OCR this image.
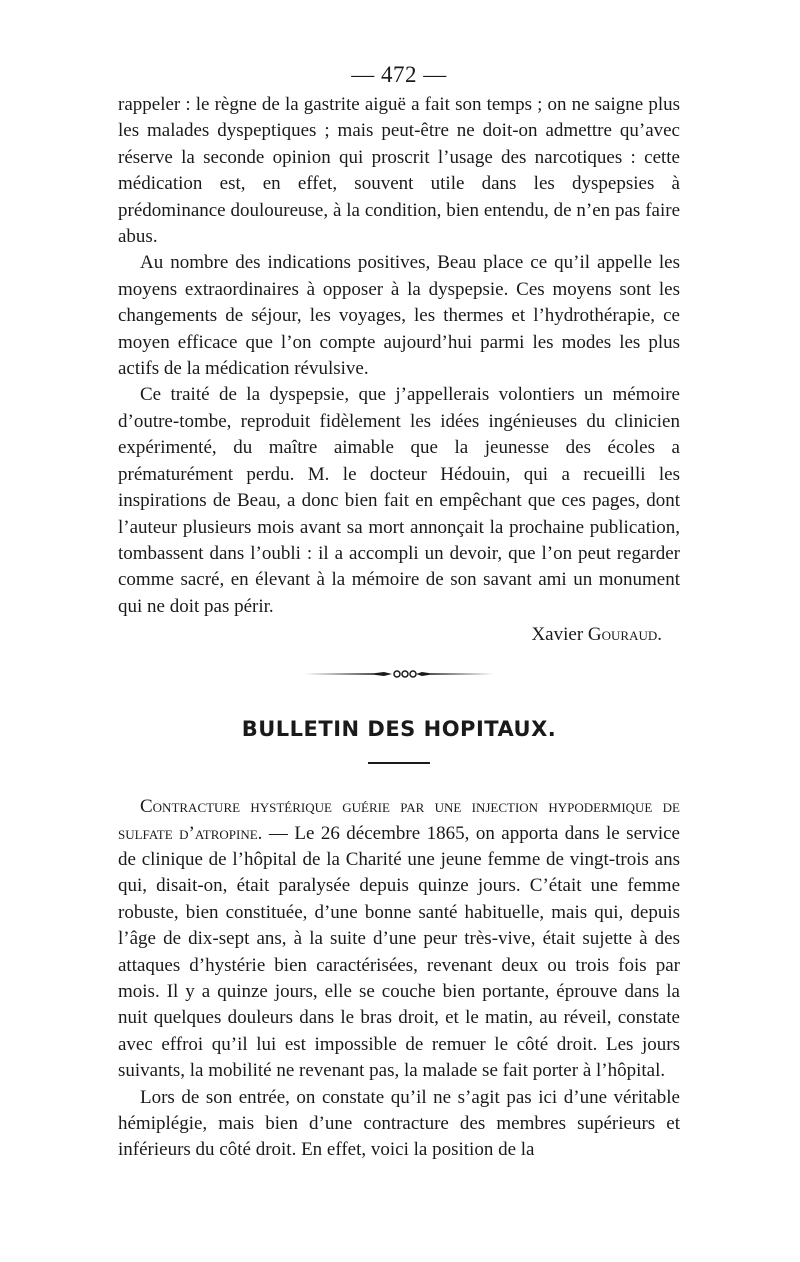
— 472 —

rappeler : le règne de la gastrite aiguë a fait son temps ; on ne saigne plus les malades dyspeptiques ; mais peut-être ne doit-on admettre qu’avec réserve la seconde opinion qui proscrit l’usage des narcotiques : cette médication est, en effet, souvent utile dans les dyspepsies à prédominance douloureuse, à la condition, bien entendu, de n’en pas faire abus.

Au nombre des indications positives, Beau place ce qu’il appelle les moyens extraordinaires à opposer à la dyspepsie. Ces moyens sont les changements de séjour, les voyages, les thermes et l’hydrothérapie, ce moyen efficace que l’on compte aujourd’hui parmi les modes les plus actifs de la médication révulsive.

Ce traité de la dyspepsie, que j’appellerais volontiers un mémoire d’outre-tombe, reproduit fidèlement les idées ingénieuses du clinicien expérimenté, du maître aimable que la jeunesse des écoles a prématurément perdu. M. le docteur Hédouin, qui a recueilli les inspirations de Beau, a donc bien fait en empêchant que ces pages, dont l’auteur plusieurs mois avant sa mort annonçait la prochaine publication, tombassent dans l’oubli : il a accompli un devoir, que l’on peut regarder comme sacré, en élevant à la mémoire de son savant ami un monument qui ne doit pas périr.

Xavier Gouraud.
BULLETIN DES HOPITAUX.

Contracture hystérique guérie par une injection hypodermique de sulfate d’atropine. — Le 26 décembre 1865, on apporta dans le service de clinique de l’hôpital de la Charité une jeune femme de vingt-trois ans qui, disait-on, était paralysée depuis quinze jours. C’était une femme robuste, bien constituée, d’une bonne santé habituelle, mais qui, depuis l’âge de dix-sept ans, à la suite d’une peur très-vive, était sujette à des attaques d’hystérie bien caractérisées, revenant deux ou trois fois par mois. Il y a quinze jours, elle se couche bien portante, éprouve dans la nuit quelques douleurs dans le bras droit, et le matin, au réveil, constate avec effroi qu’il lui est impossible de remuer le côté droit. Les jours suivants, la mobilité ne revenant pas, la malade se fait porter à l’hôpital.

Lors de son entrée, on constate qu’il ne s’agit pas ici d’une véritable hémiplégie, mais bien d’une contracture des membres supérieurs et inférieurs du côté droit. En effet, voici la position de la
